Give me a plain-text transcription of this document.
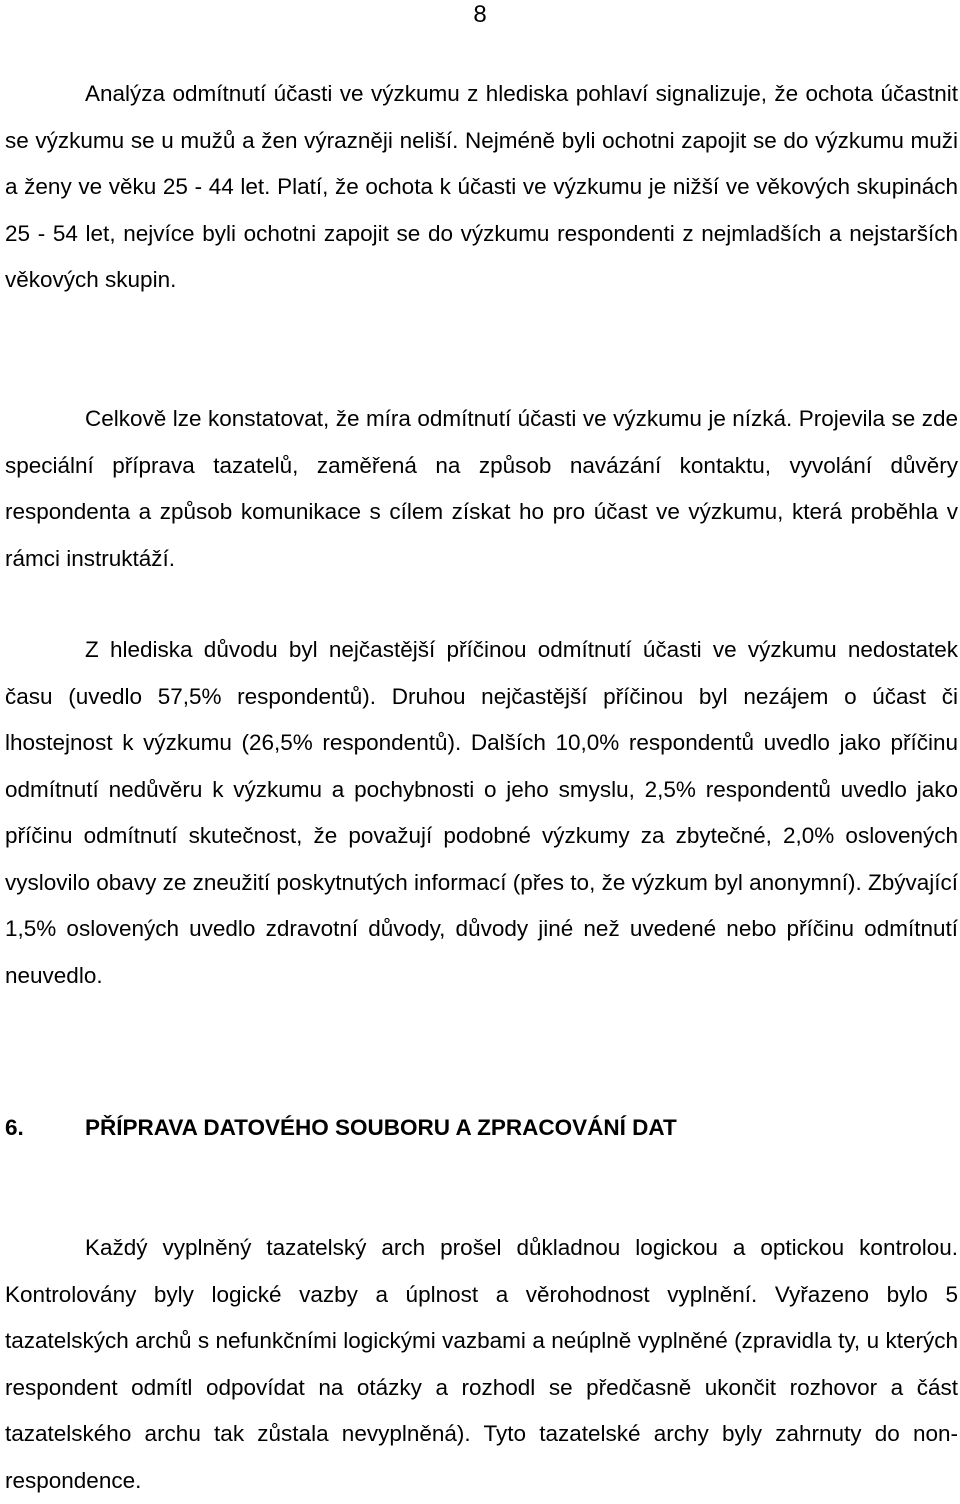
8

Analýza odmítnutí účasti ve výzkumu z hlediska pohlaví signalizuje, že ochota účastnit se výzkumu se u mužů a žen výrazněji neliší. Nejméně byli ochotni zapojit se do výzkumu muži a ženy ve věku 25 - 44 let. Platí, že ochota k účasti ve výzkumu je nižší ve věkových skupinách 25 - 54 let, nejvíce byli ochotni zapojit se do výzkumu respondenti z nejmladších a nejstarších věkových skupin.

Celkově lze konstatovat, že míra odmítnutí účasti ve výzkumu je nízká. Projevila se zde speciální příprava tazatelů, zaměřená na způsob navázání kontaktu, vyvolání důvěry respondenta a způsob komunikace s cílem získat ho pro účast ve výzkumu, která proběhla v rámci instruktáží.

Z hlediska důvodu byl nejčastější příčinou odmítnutí účasti ve výzkumu nedostatek času (uvedlo 57,5% respondentů). Druhou nejčastější příčinou byl nezájem o účast či lhostejnost k výzkumu (26,5% respondentů). Dalších 10,0% respondentů uvedlo jako příčinu odmítnutí nedůvěru k výzkumu a pochybnosti o jeho smyslu, 2,5% respondentů uvedlo jako příčinu odmítnutí skutečnost, že považují podobné výzkumy za zbytečné, 2,0% oslovených vyslovilo obavy ze zneužití poskytnutých informací (přes to, že výzkum byl anonymní). Zbývající 1,5% oslovených uvedlo zdravotní důvody, důvody jiné než uvedené nebo příčinu odmítnutí neuvedlo.

6.	PŘÍPRAVA DATOVÉHO SOUBORU A ZPRACOVÁNÍ DAT

Každý vyplněný tazatelský arch prošel důkladnou logickou a optickou kontrolou. Kontrolovány byly logické vazby a úplnost a věrohodnost vyplnění. Vyřazeno bylo 5 tazatelských archů s nefunkčními logickými vazbami a neúplně vyplněné (zpravidla ty, u kterých respondent odmítl odpovídat na otázky a rozhodl se předčasně ukončit rozhovor a část tazatelského archu tak zůstala nevyplněná). Tyto tazatelské archy byly zahrnuty do non-respondence.
